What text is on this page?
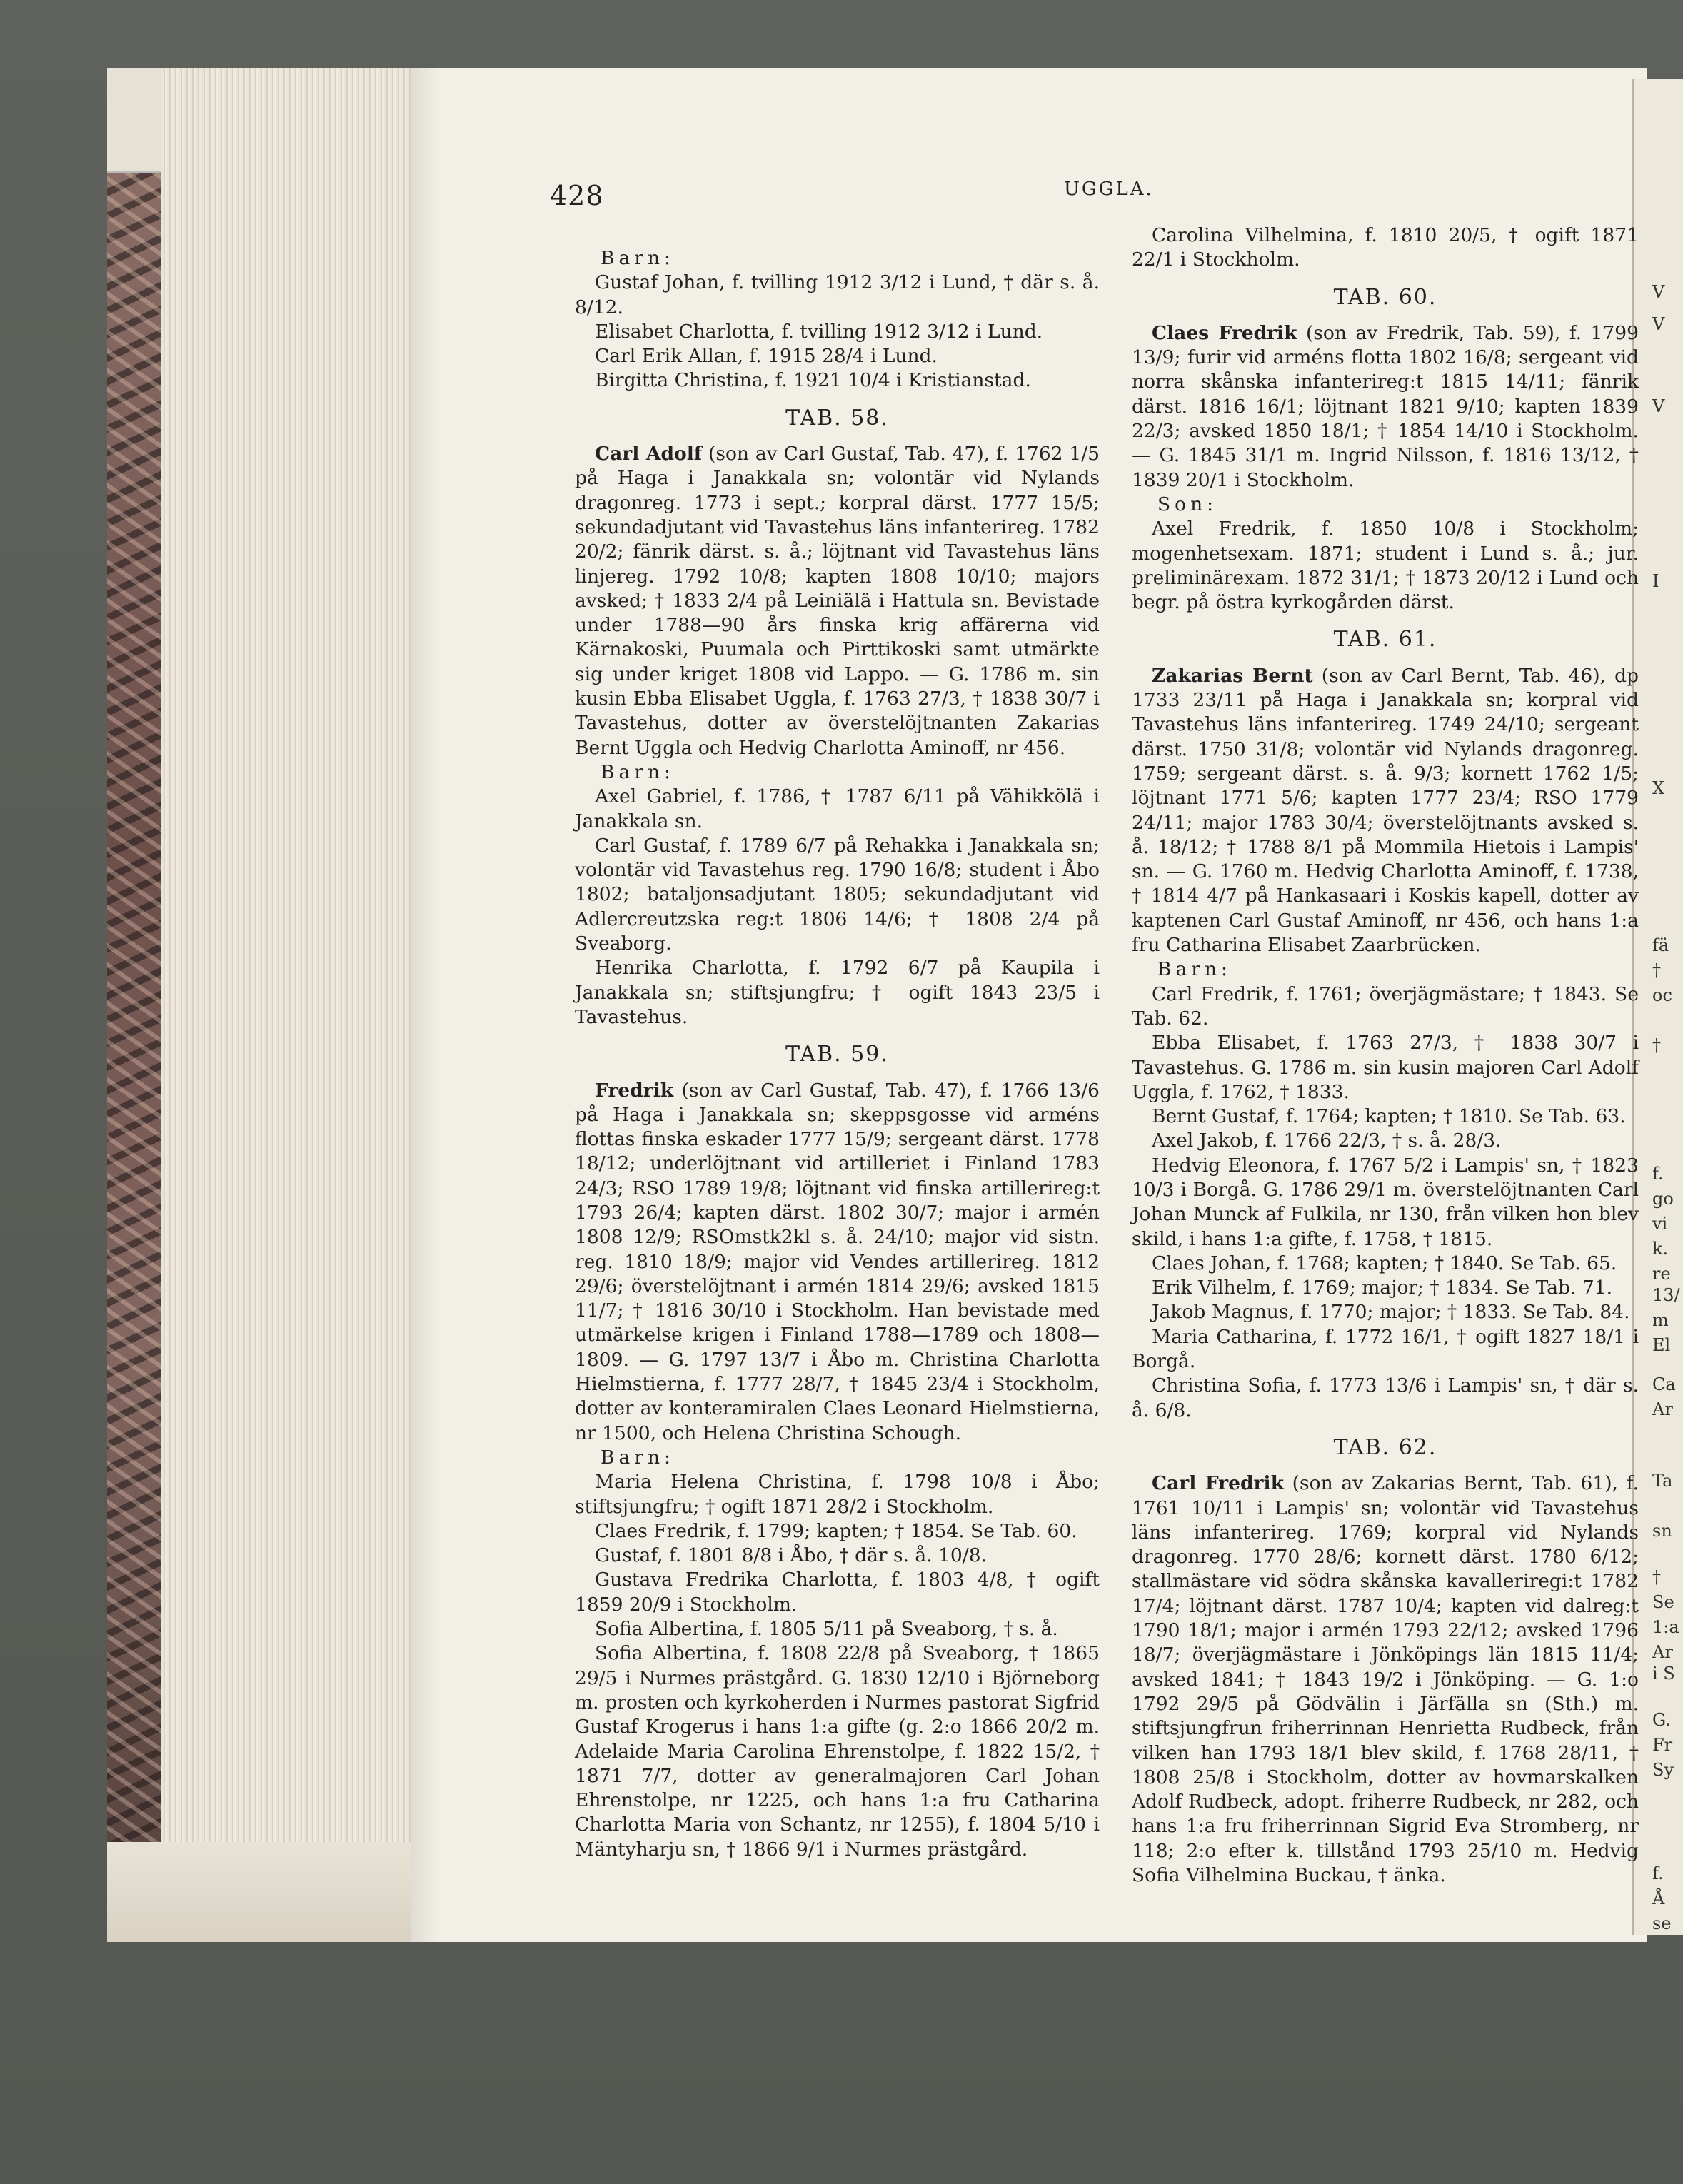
428	UGGLA.

Barn:

Gustaf Johan, f. tvilling 1912 3/12 i Lund, † där s. å. 8/12.

Elisabet Charlotta, f. tvilling 1912 3/12 i Lund.

Carl Erik Allan, f. 1915 28/4 i Lund.

Birgitta Christina, f. 1921 10/4 i Kristianstad.

TAB. 58.

Carl Adolf (son av Carl Gustaf, Tab. 47), f. 1762 1/5 på Haga i Janakkala sn; volontär vid Nylands dragonreg. 1773 i sept.; korpral därst. 1777 15/5; sekundadjutant vid Tavastehus läns infanterireg. 1782 20/2; fänrik därst. s. å.; löjtnant vid Tavastehus läns linjereg. 1792 10/8; kapten 1808 10/10; majors avsked; † 1833 2/4 på Leiniälä i Hattula sn. Bevistade under 1788—90 års finska krig affärerna vid Kärnakoski, Puumala och Pirttikoski samt utmärkte sig under kriget 1808 vid Lappo. — G. 1786 m. sin kusin Ebba Elisabet Uggla, f. 1763 27/3, † 1838 30/7 i Tavastehus, dotter av överstelöjtnanten Zakarias Bernt Uggla och Hedvig Charlotta Aminoff, nr 456.

Barn:

Axel Gabriel, f. 1786, † 1787 6/11 på Vähikkölä i Janakkala sn.

Carl Gustaf, f. 1789 6/7 på Rehakka i Janakkala sn; volontär vid Tavastehus reg. 1790 16/8; student i Åbo 1802; bataljonsadjutant 1805; sekundadjutant vid Adlercreutzska reg:t 1806 14/6; † 1808 2/4 på Sveaborg.

Henrika Charlotta, f. 1792 6/7 på Kaupila i Janakkala sn; stiftsjungfru; † ogift 1843 23/5 i Tavastehus.

TAB. 59.

Fredrik (son av Carl Gustaf, Tab. 47), f. 1766 13/6 på Haga i Janakkala sn; skeppsgosse vid arméns flottas finska eskader 1777 15/9; sergeant därst. 1778 18/12; underlöjtnant vid artilleriet i Finland 1783 24/3; RSO 1789 19/8; löjtnant vid finska artillerireg:t 1793 26/4; kapten därst. 1802 30/7; major i armén 1808 12/9; RSOmstk2kl s. å. 24/10; major vid sistn. reg. 1810 18/9; major vid Vendes artillerireg. 1812 29/6; överstelöjtnant i armén 1814 29/6; avsked 1815 11/7; † 1816 30/10 i Stockholm. Han bevistade med utmärkelse krigen i Finland 1788—1789 och 1808—1809. — G. 1797 13/7 i Åbo m. Christina Charlotta Hielmstierna, f. 1777 28/7, † 1845 23/4 i Stockholm, dotter av konteramiralen Claes Leonard Hielmstierna, nr 1500, och Helena Christina Schough.

Barn:

Maria Helena Christina, f. 1798 10/8 i Åbo; stiftsjungfru; † ogift 1871 28/2 i Stockholm.

Claes Fredrik, f. 1799; kapten; † 1854. Se Tab. 60.

Gustaf, f. 1801 8/8 i Åbo, † där s. å. 10/8.

Gustava Fredrika Charlotta, f. 1803 4/8, † ogift 1859 20/9 i Stockholm.

Sofia Albertina, f. 1805 5/11 på Sveaborg, † s. å.

Sofia Albertina, f. 1808 22/8 på Sveaborg, † 1865 29/5 i Nurmes prästgård. G. 1830 12/10 i Björneborg m. prosten och kyrkoherden i Nurmes pastorat Sigfrid Gustaf Krogerus i hans 1:a gifte (g. 2:o 1866 20/2 m. Adelaide Maria Carolina Ehrenstolpe, f. 1822 15/2, † 1871 7/7, dotter av generalmajoren Carl Johan Ehrenstolpe, nr 1225, och hans 1:a fru Catharina Charlotta Maria von Schantz, nr 1255), f. 1804 5/10 i Mäntyharju sn, † 1866 9/1 i Nurmes prästgård.

Carolina Vilhelmina, f. 1810 20/5, † ogift 1871 22/1 i Stockholm.

TAB. 60.

Claes Fredrik (son av Fredrik, Tab. 59), f. 1799 13/9; furir vid arméns flotta 1802 16/8; sergeant vid norra skånska infanterireg:t 1815 14/11; fänrik därst. 1816 16/1; löjtnant 1821 9/10; kapten 1839 22/3; avsked 1850 18/1; † 1854 14/10 i Stockholm. — G. 1845 31/1 m. Ingrid Nilsson, f. 1816 13/12, † 1839 20/1 i Stockholm.

Son:

Axel Fredrik, f. 1850 10/8 i Stockholm; mogenhetsexam. 1871; student i Lund s. å.; jur. preliminärexam. 1872 31/1; † 1873 20/12 i Lund och begr. på östra kyrkogården därst.

TAB. 61.

Zakarias Bernt (son av Carl Bernt, Tab. 46), dp 1733 23/11 på Haga i Janakkala sn; korpral vid Tavastehus läns infanterireg. 1749 24/10; sergeant därst. 1750 31/8; volontär vid Nylands dragonreg. 1759; sergeant därst. s. å. 9/3; kornett 1762 1/5; löjtnant 1771 5/6; kapten 1777 23/4; RSO 1779 24/11; major 1783 30/4; överstelöjtnants avsked s. å. 18/12; † 1788 8/1 på Mommila Hietois i Lampis' sn. — G. 1760 m. Hedvig Charlotta Aminoff, f. 1738, † 1814 4/7 på Hankasaari i Koskis kapell, dotter av kaptenen Carl Gustaf Aminoff, nr 456, och hans 1:a fru Catharina Elisabet Zaarbrücken.

Barn:

Carl Fredrik, f. 1761; överjägmästare; † 1843. Se Tab. 62.

Ebba Elisabet, f. 1763 27/3, † 1838 30/7 i Tavastehus. G. 1786 m. sin kusin majoren Carl Adolf Uggla, f. 1762, † 1833.

Bernt Gustaf, f. 1764; kapten; † 1810. Se Tab. 63.

Axel Jakob, f. 1766 22/3, † s. å. 28/3.

Hedvig Eleonora, f. 1767 5/2 i Lampis' sn, † 1823 10/3 i Borgå. G. 1786 29/1 m. överstelöjtnanten Carl Johan Munck af Fulkila, nr 130, från vilken hon blev skild, i hans 1:a gifte, f. 1758, † 1815.

Claes Johan, f. 1768; kapten; † 1840. Se Tab. 65.

Erik Vilhelm, f. 1769; major; † 1834. Se Tab. 71.

Jakob Magnus, f. 1770; major; † 1833. Se Tab. 84.

Maria Catharina, f. 1772 16/1, † ogift 1827 18/1 i Borgå.

Christina Sofia, f. 1773 13/6 i Lampis' sn, † där s. å. 6/8.

TAB. 62.

Carl Fredrik (son av Zakarias Bernt, Tab. 61), f. 1761 10/11 i Lampis' sn; volontär vid Tavastehus läns infanterireg. 1769; korpral vid Nylands dragonreg. 1770 28/6; kornett därst. 1780 6/12; stallmästare vid södra skånska kavalleriregi:t 1782 17/4; löjtnant därst. 1787 10/4; kapten vid dalreg:t 1790 18/1; major i armén 1793 22/12; avsked 1796 18/7; överjägmästare i Jönköpings län 1815 11/4; avsked 1841; † 1843 19/2 i Jönköping. — G. 1:o 1792 29/5 på Gödvälin i Järfälla sn (Sth.) m. stiftsjungfrun friherrinnan Henrietta Rudbeck, från vilken han 1793 18/1 blev skild, f. 1768 28/11, † 1808 25/8 i Stockholm, dotter av hovmarskalken Adolf Rudbeck, adopt. friherre Rudbeck, nr 282, och hans 1:a fru friherrinnan Sigrid Eva Stromberg, nr 118; 2:o efter k. tillstånd 1793 25/10 m. Hedvig Sofia Vilhelmina Buckau, † änka.

V
V
V
I
X
fä
†
oc
†
f.
go
vi
k.
re
13/
m
El
Ca
Ar
Ta
sn
†
Se
1:a
Ar
i S
G.
Fr
Sy
f.
Å
se
